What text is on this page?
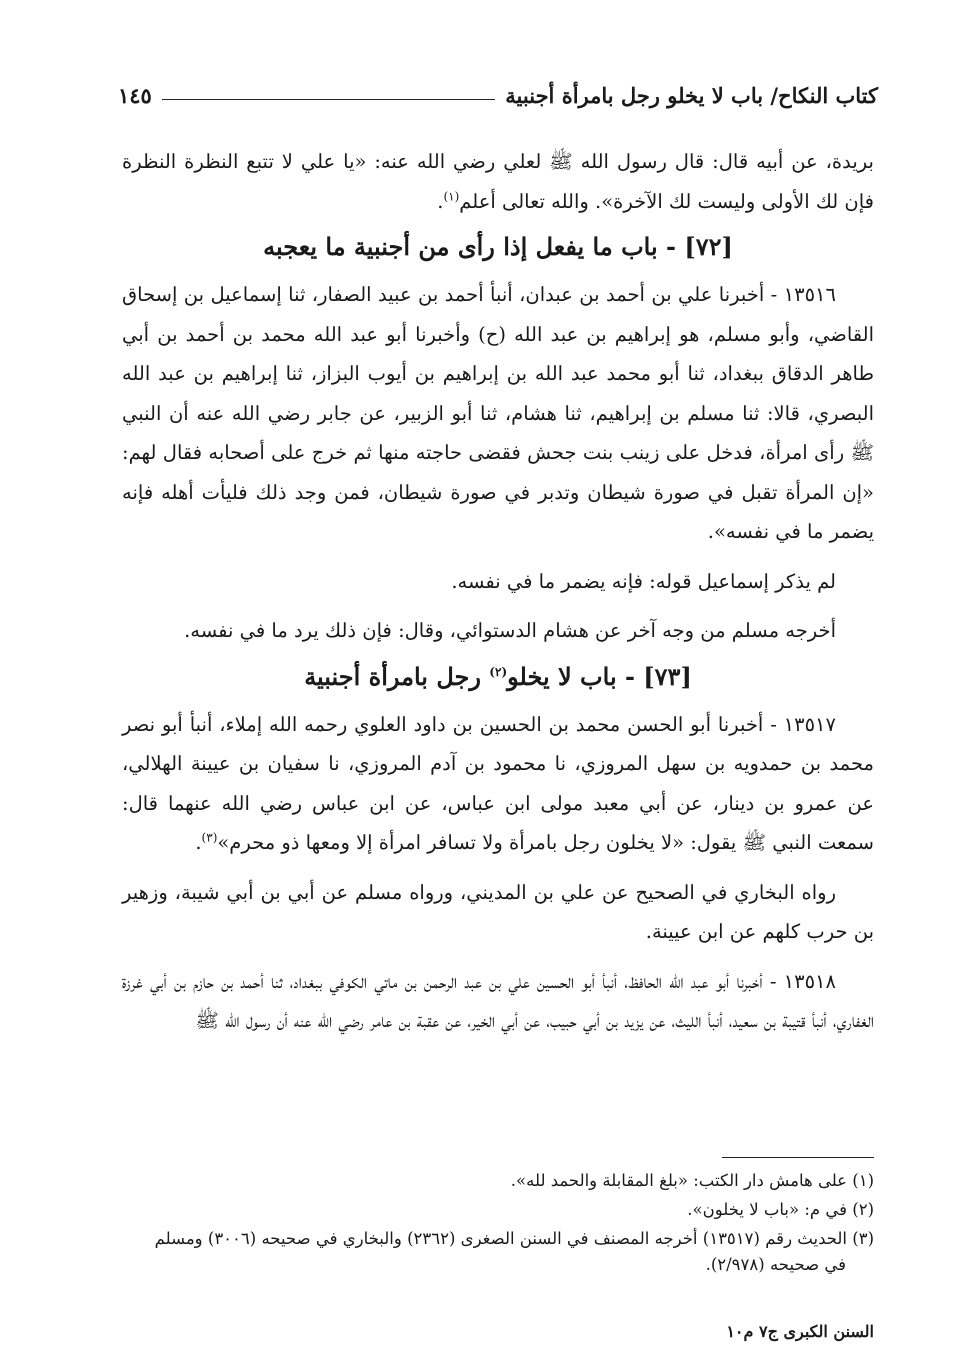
كتاب النكاح/ باب لا يخلو رجل بامرأة أجنبية
١٤٥

بريدة، عن أبيه قال: قال رسول الله ﷺ لعلي رضي الله عنه: «يا علي لا تتبع النظرة النظرة فإن لك الأولى وليست لك الآخرة». والله تعالى أعلم$^{(١)}$.

[٧٢] - باب ما يفعل إذا رأى من أجنبية ما يعجبه

١٣٥١٦ - أخبرنا علي بن أحمد بن عبدان، أنبأ أحمد بن عبيد الصفار، ثنا إسماعيل بن إسحاق القاضي، وأبو مسلم، هو إبراهيم بن عبد الله (ح) وأخبرنا أبو عبد الله محمد بن أحمد بن أبي طاهر الدقاق ببغداد، ثنا أبو محمد عبد الله بن إبراهيم بن أيوب البزاز، ثنا إبراهيم بن عبد الله البصري، قالا: ثنا مسلم بن إبراهيم، ثنا هشام، ثنا أبو الزبير، عن جابر رضي الله عنه أن النبي ﷺ رأى امرأة، فدخل على زينب بنت جحش فقضى حاجته منها ثم خرج على أصحابه فقال لهم: «إن المرأة تقبل في صورة شيطان وتدبر في صورة شيطان، فمن وجد ذلك فليأت أهله فإنه يضمر ما في نفسه».

لم يذكر إسماعيل قوله: فإنه يضمر ما في نفسه.

أخرجه مسلم من وجه آخر عن هشام الدستوائي، وقال: فإن ذلك يرد ما في نفسه.

[٧٣] - باب لا يخلو$^{(٢)}$ رجل بامرأة أجنبية

١٣٥١٧ - أخبرنا أبو الحسن محمد بن الحسين بن داود العلوي رحمه الله إملاء، أنبأ أبو نصر محمد بن حمدويه بن سهل المروزي، نا محمود بن آدم المروزي، نا سفيان بن عيينة الهلالي، عن عمرو بن دينار، عن أبي معبد مولى ابن عباس، عن ابن عباس رضي الله عنهما قال: سمعت النبي ﷺ يقول: «لا يخلون رجل بامرأة ولا تسافر امرأة إلا ومعها ذو محرم»$^{(٣)}$.

رواه البخاري في الصحيح عن علي بن المديني، ورواه مسلم عن أبي بن أبي شيبة، وزهير بن حرب كلهم عن ابن عيينة.

١٣٥١٨ - أخبرنا أبو عبد الله الحافظ، أنبأ أبو الحسين علي بن عبد الرحمن بن ماتي الكوفي ببغداد، ثنا أحمد بن حازم بن أبي غرزة الغفاري، أنبأ قتيبة بن سعيد، أنبأ الليث، عن يزيد بن أبي حبيب، عن أبي الخير، عن عقبة بن عامر رضي الله عنه أن رسول الله ﷺ

(١) على هامش دار الكتب: «بلغ المقابلة والحمد لله».

(٢) في م: «باب لا يخلون».

(٣) الحديث رقم (١٣٥١٧) أخرجه المصنف في السنن الصغرى (٢٣٦٢) والبخاري في صحيحه (٣٠٠٦) ومسلم في صحيحه (٢/٩٧٨).

السنن الكبرى ج٧ م١٠
